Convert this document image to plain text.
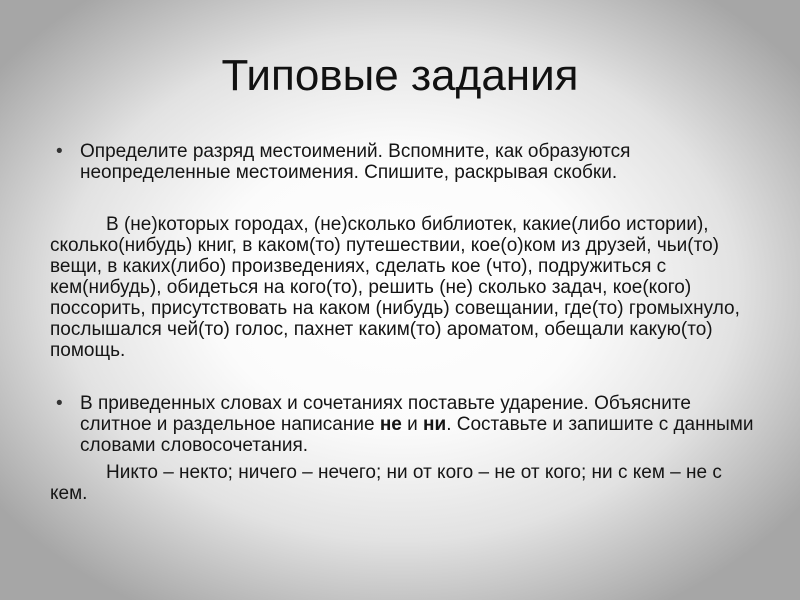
Типовые задания

• Определите разряд местоимений. Вспомните, как образуются неопределенные местоимения. Спишите, раскрывая скобки.

В (не)которых городах, (не)сколько библиотек, какие(либо истории), сколько(нибудь) книг, в каком(то) путешествии, кое(о)ком из друзей, чьи(то) вещи, в каких(либо) произведениях, сделать кое (что), подружиться с кем(нибудь), обидеться на кого(то), решить (не) сколько задач, кое(кого) поссорить, присутствовать на каком (нибудь) совещании, где(то) громыхнуло, послышался чей(то) голос, пахнет каким(то) ароматом, обещали какую(то) помощь.

• В приведенных словах и сочетаниях поставьте ударение. Объясните слитное и раздельное написание не и ни. Составьте и запишите с данными словами словосочетания.

Никто – некто; ничего – нечего; ни от кого – не от кого; ни с кем – не с кем.
